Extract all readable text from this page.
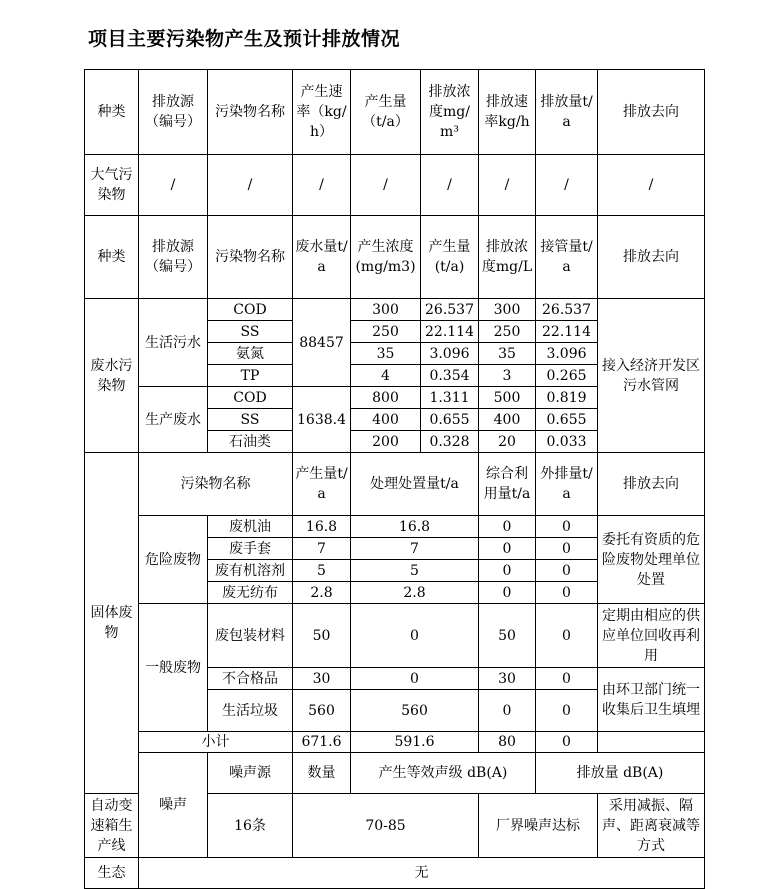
项目主要污染物产生及预计排放情况
种类	排放源（编号）	污染物名称	产生速率（kg/h）	产生量（t/a）	排放浓度mg/m³	排放速率kg/h	排放量t/a	排放去向	
大气污染物	/	/	/	/	/	/	/	/	
种类	排放源（编号）	污染物名称	废水量t/a	产生浓度(mg/m3)	产生量(t/a)	排放浓度mg/L	接管量t/a	排放去向	
废水污染物	生活污水	COD	88457	300	26.537	300	26.537	接入经济开发区污水管网	
		SS		250	22.114	250	22.114		
		氨氮		35	3.096	35	3.096		
		TP		4	0.354	3	0.265		
	生产废水	COD	1638.4	800	1.311	500	0.819		
		SS		400	0.655	400	0.655		
		石油类		200	0.328	20	0.033		
固体废物	污染物名称		产生量t/a	处理处置量t/a		综合利用量t/a	外排量t/a	排放去向	
	危险废物	废机油	16.8	16.8		0	0	委托有资质的危险废物处理单位处置	
		废手套	7	7		0	0		
		废有机溶剂	5	5		0	0		
		废无纺布	2.8	2.8		0	0		
	一般废物	废包装材料	50	0		50	0	定期由相应的供应单位回收再利用	
		不合格品	30	0		30	0	由环卫部门统一收集后卫生填埋	
		生活垃圾	560	560		0	0		

	小计		671.6	591.6		80	0		
	噪声	噪声源	数量	产生等效声级 dB(A)			排放量 dB(A)	
自动变速箱生产线		16条	70-85			厂界噪声达标		采用减振、隔声、距离衰减等方式	
生态	无								
